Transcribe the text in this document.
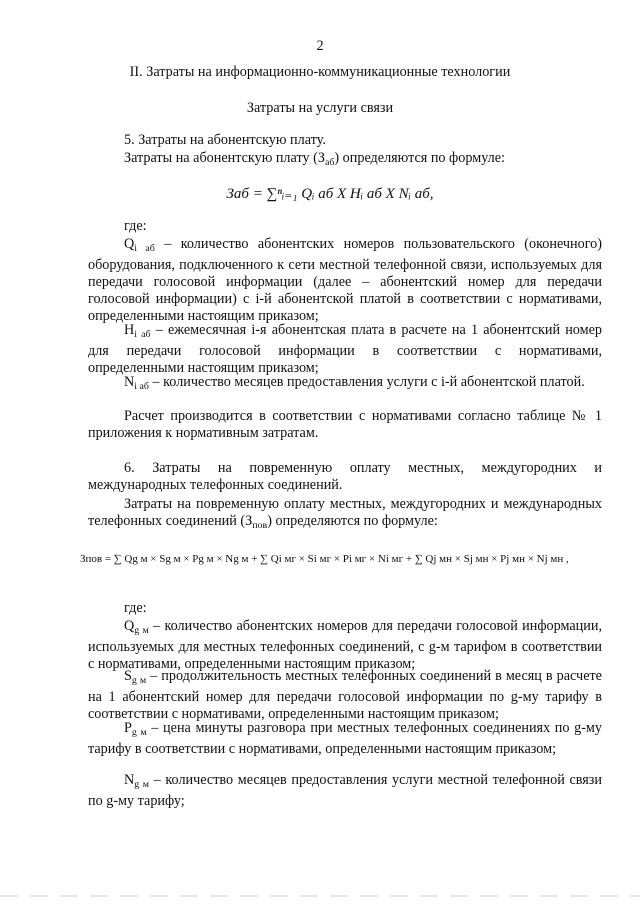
2
II. Затраты на информационно-коммуникационные технологии
Затраты на услуги связи
5. Затраты на абонентскую плату.
Затраты на абонентскую плату $(З_{аб})$ определяются по формуле:
Заб = ∑ⁿᵢ₌₁ Qᵢ аб X Hᵢ аб X Nᵢ аб,
где:
$Q_{i аб}$ – количество абонентских номеров пользовательского (оконечного) оборудования, подключенного к сети местной телефонной связи, используемых для передачи голосовой информации (далее – абонентский номер для передачи голосовой информации) с i-й абонентской платой в соответствии с нормативами, определенными настоящим приказом;
$H_{i аб}$ – ежемесячная i-я абонентская плата в расчете на 1 абонентский номер для передачи голосовой информации в соответствии с нормативами, определенными настоящим приказом;
$N_{i аб}$ – количество месяцев предоставления услуги с i-й абонентской платой.
Расчет производится в соответствии с нормативами согласно таблице № 1 приложения к нормативным затратам.
6. Затраты на повременную оплату местных, междугородних и международных телефонных соединений.
Затраты на повременную оплату местных, междугородних и международных телефонных соединений $(З_{пов})$ определяются по формуле:
Зпов = ∑ Qg м × Sg м × Pg м × Ng м + ∑ Qi мг × Si мг × Pi мг × Ni мг + ∑ Qj мн × Sj мн × Pj мн × Nj мн ,
где:
$Q_{g м}$ – количество абонентских номеров для передачи голосовой информации, используемых для местных телефонных соединений, с g-м тарифом в соответствии с нормативами, определенными настоящим приказом;
$S_{g м}$ – продолжительность местных телефонных соединений в месяц в расчете на 1 абонентский номер для передачи голосовой информации по g-му тарифу в соответствии с нормативами, определенными настоящим приказом;
$P_{g м}$ – цена минуты разговора при местных телефонных соединениях по g-му тарифу в соответствии с нормативами, определенными настоящим приказом;
$N_{g м}$ – количество месяцев предоставления услуги местной телефонной связи по g-му тарифу;
